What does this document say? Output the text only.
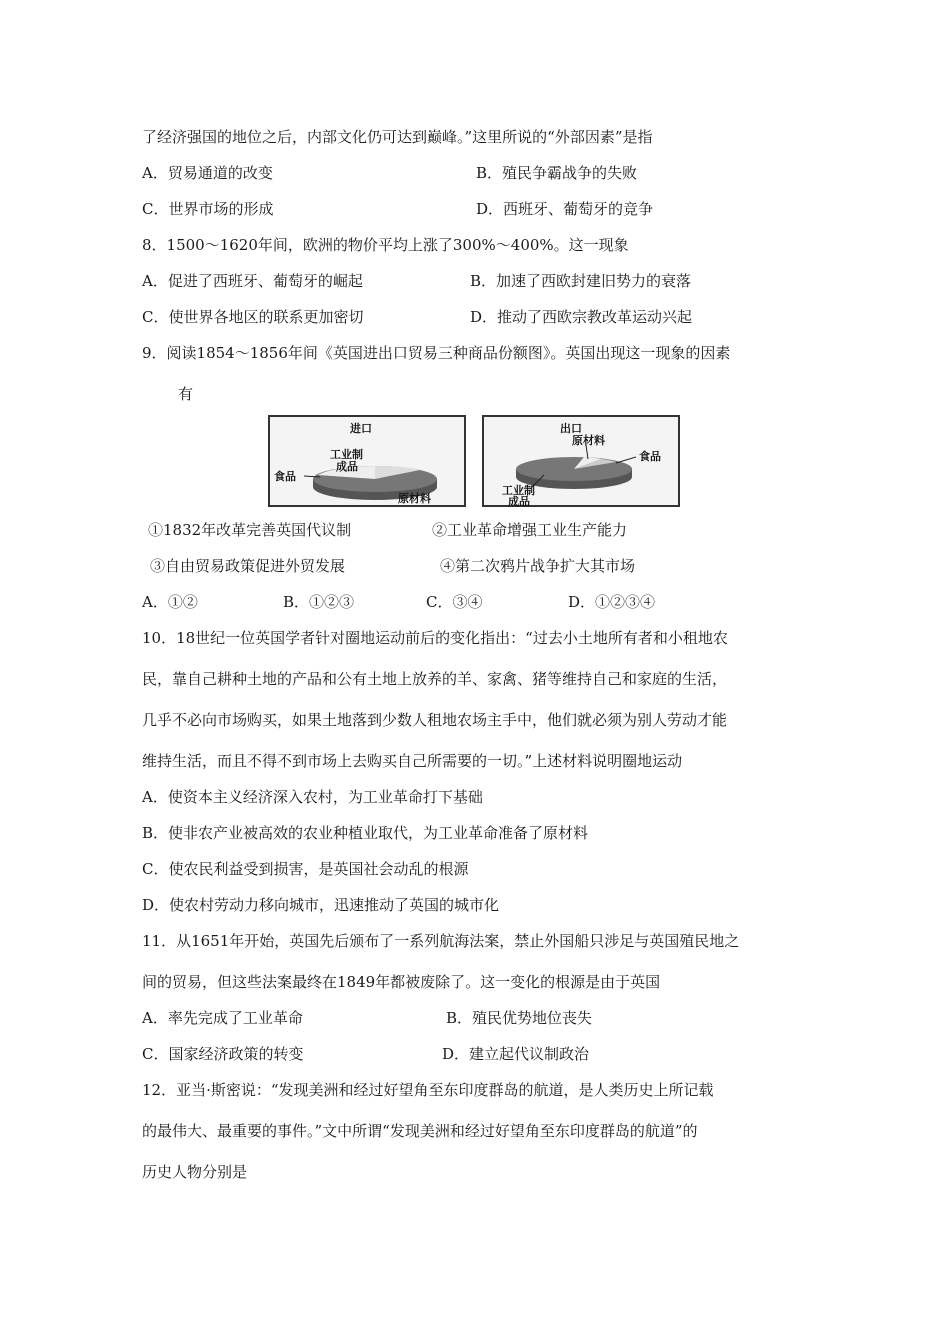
了经济强国的地位之后，内部文化仍可达到巅峰。”这里所说的“外部因素”是指
A．贸易通道的改变	B．殖民争霸战争的失败
C．世界市场的形成	D．西班牙、葡萄牙的竞争
8．1500～1620年间，欧洲的物价平均上涨了300%～400%。这一现象
A．促进了西班牙、葡萄牙的崛起	B．加速了西欧封建旧势力的衰落
C．使世界各地区的联系更加密切	D．推动了西欧宗教改革运动兴起
9．阅读1854～1856年间《英国进出口贸易三种商品份额图》。英国出现这一现象的因素
有
进口
工业制
成品
食品
原材料
出口
原材料
食品
工业制
成品
①1832年改革完善英国代议制	②工业革命增强工业生产能力
③自由贸易政策促进外贸发展	④第二次鸦片战争扩大其市场
A．①②	B．①②③	C．③④	D．①②③④
10．18世纪一位英国学者针对圈地运动前后的变化指出：“过去小土地所有者和小租地农
民，靠自己耕种土地的产品和公有土地上放养的羊、家禽、猪等维持自己和家庭的生活，
几乎不必向市场购买，如果土地落到少数人租地农场主手中，他们就必须为别人劳动才能
维持生活，而且不得不到市场上去购买自己所需要的一切。”上述材料说明圈地运动
A．使资本主义经济深入农村，为工业革命打下基础
B．使非农产业被高效的农业种植业取代，为工业革命准备了原材料
C．使农民利益受到损害，是英国社会动乱的根源
D．使农村劳动力移向城市，迅速推动了英国的城市化
11．从1651年开始，英国先后颁布了一系列航海法案，禁止外国船只涉足与英国殖民地之
间的贸易，但这些法案最终在1849年都被废除了。这一变化的根源是由于英国
A．率先完成了工业革命	B．殖民优势地位丧失
C．国家经济政策的转变	D．建立起代议制政治
12．亚当·斯密说：“发现美洲和经过好望角至东印度群岛的航道，是人类历史上所记载
的最伟大、最重要的事件。”文中所谓“发现美洲和经过好望角至东印度群岛的航道”的
历史人物分别是
